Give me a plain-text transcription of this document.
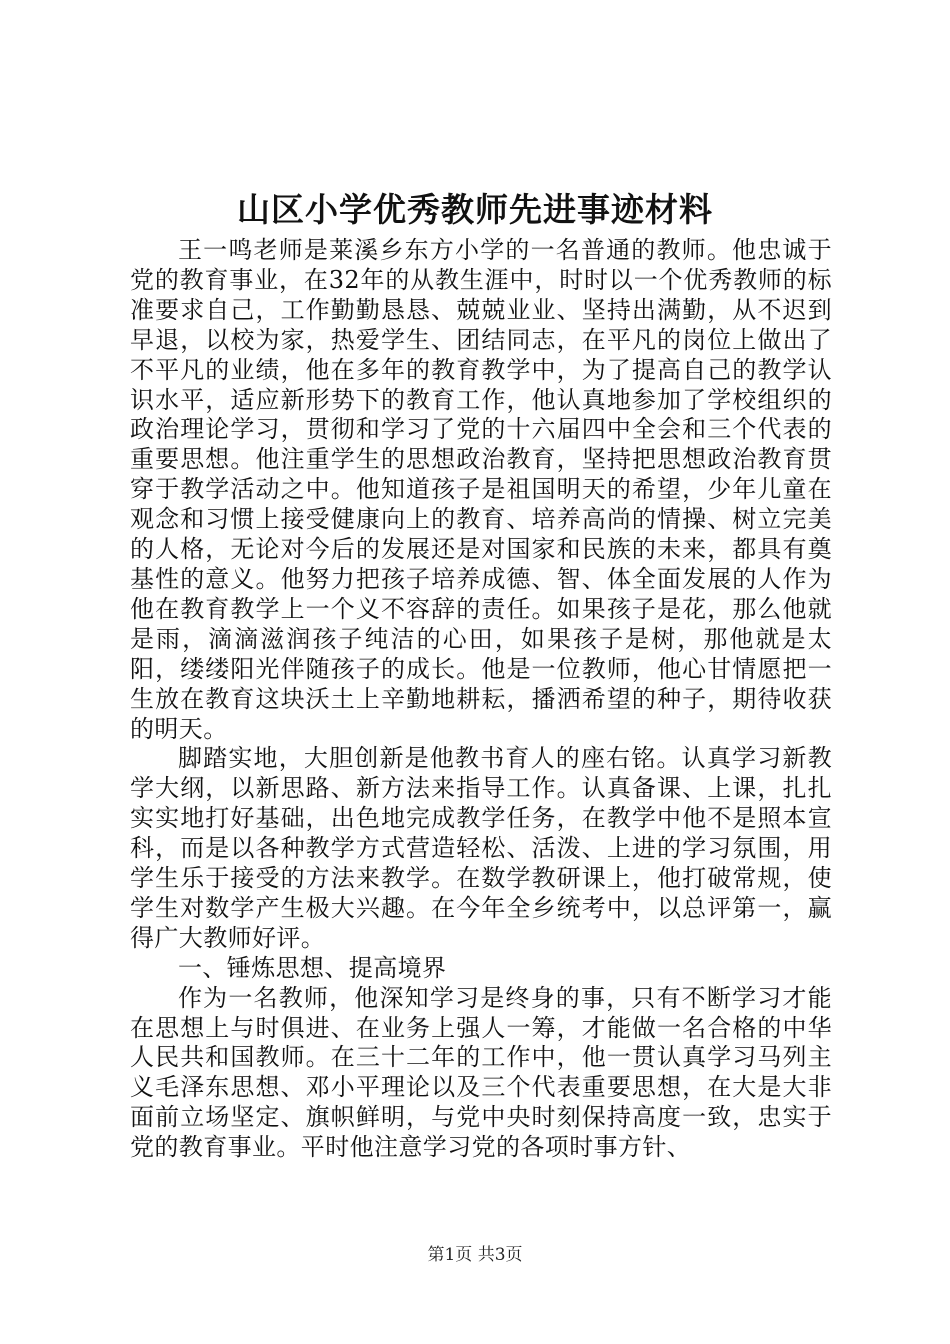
山区小学优秀教师先进事迹材料

王一鸣老师是莱溪乡东方小学的一名普通的教师。他忠诚于党的教育事业，在32年的从教生涯中，时时以一个优秀教师的标准要求自己，工作勤勤恳恳、兢兢业业、坚持出满勤，从不迟到早退，以校为家，热爱学生、团结同志，在平凡的岗位上做出了不平凡的业绩，他在多年的教育教学中，为了提高自己的教学认识水平，适应新形势下的教育工作，他认真地参加了学校组织的政治理论学习，贯彻和学习了党的十六届四中全会和三个代表的重要思想。他注重学生的思想政治教育，坚持把思想政治教育贯穿于教学活动之中。他知道孩子是祖国明天的希望，少年儿童在观念和习惯上接受健康向上的教育、培养高尚的情操、树立完美的人格，无论对今后的发展还是对国家和民族的未来，都具有奠基性的意义。他努力把孩子培养成德、智、体全面发展的人作为他在教育教学上一个义不容辞的责任。如果孩子是花，那么他就是雨，滴滴滋润孩子纯洁的心田，如果孩子是树，那他就是太阳，缕缕阳光伴随孩子的成长。他是一位教师，他心甘情愿把一生放在教育这块沃土上辛勤地耕耘，播洒希望的种子，期待收获的明天。

脚踏实地，大胆创新是他教书育人的座右铭。认真学习新教学大纲，以新思路、新方法来指导工作。认真备课、上课，扎扎实实地打好基础，出色地完成教学任务，在教学中他不是照本宣科，而是以各种教学方式营造轻松、活泼、上进的学习氛围，用学生乐于接受的方法来教学。在数学教研课上，他打破常规，使学生对数学产生极大兴趣。在今年全乡统考中，以总评第一，赢得广大教师好评。

一、锤炼思想、提高境界

作为一名教师，他深知学习是终身的事，只有不断学习才能在思想上与时俱进、在业务上强人一筹，才能做一名合格的中华人民共和国教师。在三十二年的工作中，他一贯认真学习马列主义毛泽东思想、邓小平理论以及三个代表重要思想，在大是大非面前立场坚定、旗帜鲜明，与党中央时刻保持高度一致，忠实于党的教育事业。平时他注意学习党的各项时事方针、

第1页 共3页
